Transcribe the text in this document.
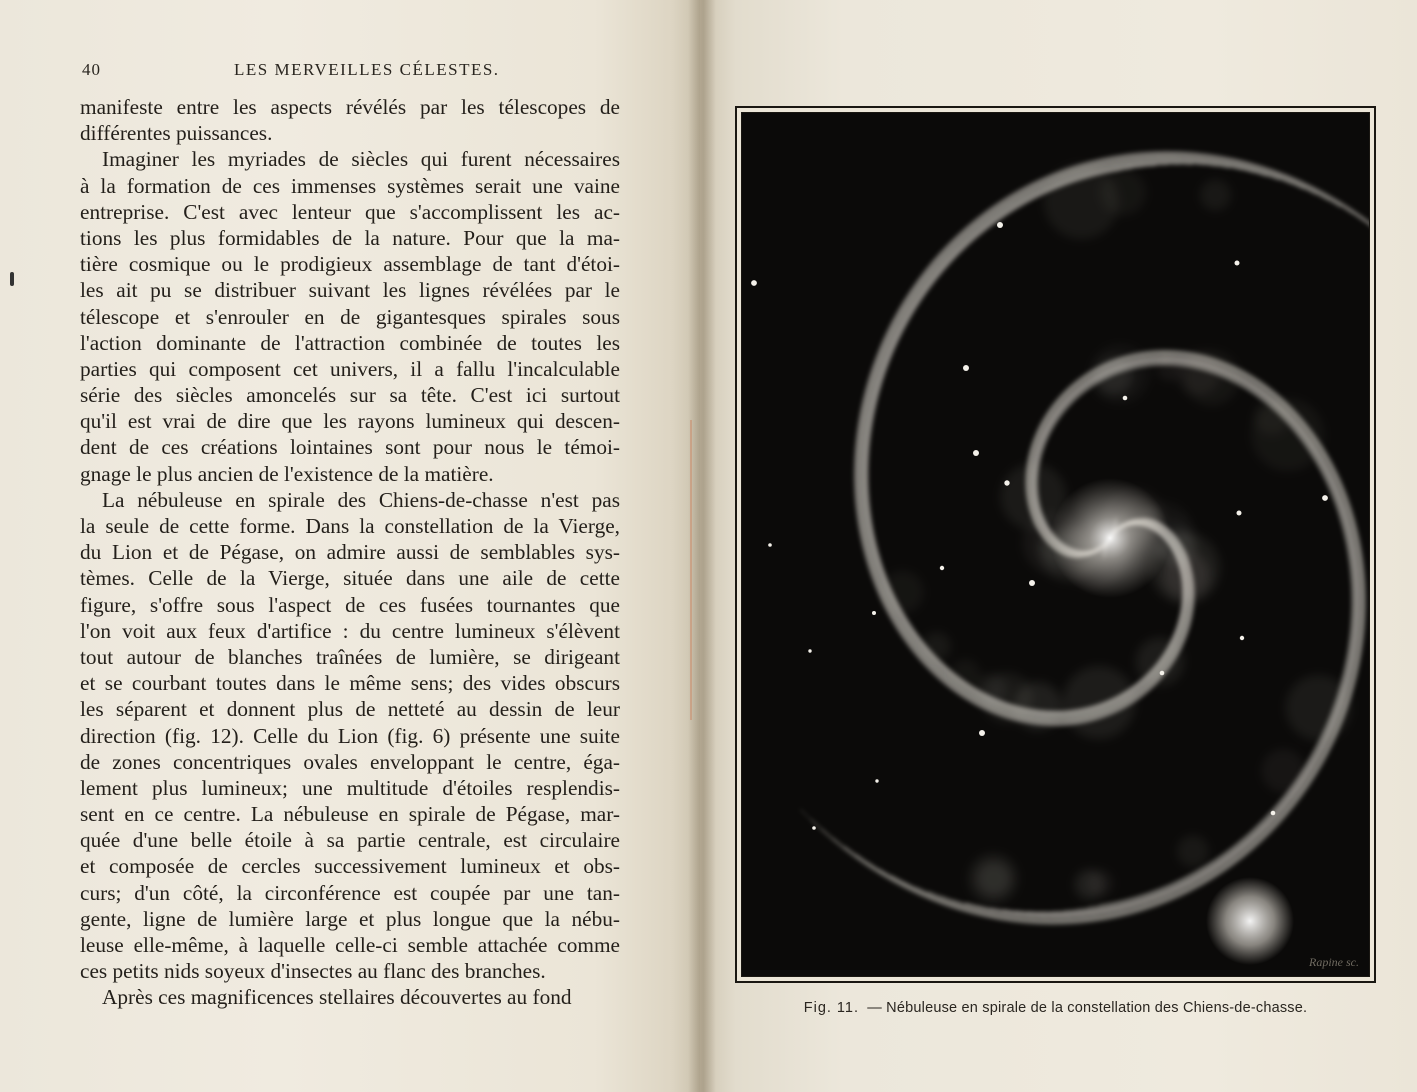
40	LES MERVEILLES CÉLESTES.
manifeste entre les aspects révélés par les télescopes de
différentes puissances.
Imaginer les myriades de siècles qui furent nécessaires
à la formation de ces immenses systèmes serait une vaine
entreprise. C'est avec lenteur que s'accomplissent les ac-
tions les plus formidables de la nature. Pour que la ma-
tière cosmique ou le prodigieux assemblage de tant d'étoi-
les ait pu se distribuer suivant les lignes révélées par le
télescope et s'enrouler en de gigantesques spirales sous
l'action dominante de l'attraction combinée de toutes les
parties qui composent cet univers, il a fallu l'incalculable
série des siècles amoncelés sur sa tête. C'est ici surtout
qu'il est vrai de dire que les rayons lumineux qui descen-
dent de ces créations lointaines sont pour nous le témoi-
gnage le plus ancien de l'existence de la matière.
La nébuleuse en spirale des Chiens-de-chasse n'est pas
la seule de cette forme. Dans la constellation de la Vierge,
du Lion et de Pégase, on admire aussi de semblables sys-
tèmes. Celle de la Vierge, située dans une aile de cette
figure, s'offre sous l'aspect de ces fusées tournantes que
l'on voit aux feux d'artifice : du centre lumineux s'élèvent
tout autour de blanches traînées de lumière, se dirigeant
et se courbant toutes dans le même sens; des vides obscurs
les séparent et donnent plus de netteté au dessin de leur
direction (fig. 12). Celle du Lion (fig. 6) présente une suite
de zones concentriques ovales enveloppant le centre, éga-
lement plus lumineux; une multitude d'étoiles resplendis-
sent en ce centre. La nébuleuse en spirale de Pégase, mar-
quée d'une belle étoile à sa partie centrale, est circulaire
et composée de cercles successivement lumineux et obs-
curs; d'un côté, la circonférence est coupée par une tan-
gente, ligne de lumière large et plus longue que la nébu-
leuse elle-même, à laquelle celle-ci semble attachée comme
ces petits nids soyeux d'insectes au flanc des branches.
Après ces magnificences stellaires découvertes au fond
Rapine sc.
Fig. 11. — Nébuleuse en spirale de la constellation des Chiens-de-chasse.
